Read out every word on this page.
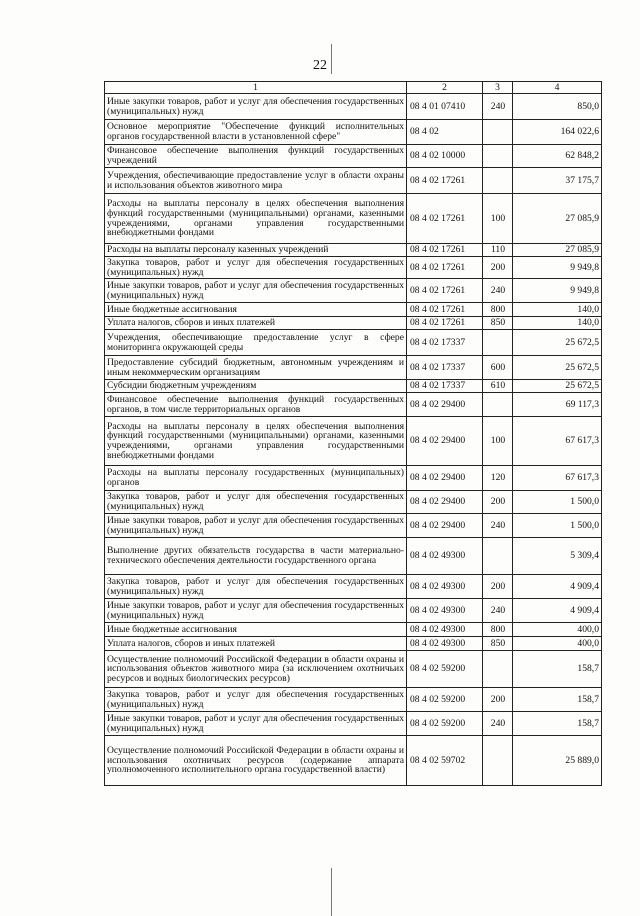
22
1	2	3	4
Иные закупки товаров, работ и услуг для обеспечения государственных (муниципальных) нужд	08 4 01 07410	240	850,0
Основное мероприятие "Обеспечение функций исполнительных органов государственной власти в установленной сфере"	08 4 02		164 022,6
Финансовое обеспечение выполнения функций государственных учреждений	08 4 02 10000		62 848,2
Учреждения, обеспечивающие предоставление услуг в области охраны и использования объектов животного мира	08 4 02 17261		37 175,7
Расходы на выплаты персоналу в целях обеспечения выполнения функций государственными (муниципальными) органами, казенными учреждениями, органами управления государственными внебюджетными фондами	08 4 02 17261	100	27 085,9
Расходы на выплаты персоналу казенных учреждений	08 4 02 17261	110	27 085,9
Закупка товаров, работ и услуг для обеспечения государственных (муниципальных) нужд	08 4 02 17261	200	9 949,8
Иные закупки товаров, работ и услуг для обеспечения государственных (муниципальных) нужд	08 4 02 17261	240	9 949,8
Иные бюджетные ассигнования	08 4 02 17261	800	140,0
Уплата налогов, сборов и иных платежей	08 4 02 17261	850	140,0
Учреждения, обеспечивающие предоставление услуг в сфере мониторинга окружающей среды	08 4 02 17337		25 672,5
Предоставление субсидий бюджетным, автономным учреждениям и иным некоммерческим организациям	08 4 02 17337	600	25 672,5
Субсидии бюджетным учреждениям	08 4 02 17337	610	25 672,5
Финансовое обеспечение выполнения функций государственных органов, в том числе территориальных органов	08 4 02 29400		69 117,3
Расходы на выплаты персоналу в целях обеспечения выполнения функций государственными (муниципальными) органами, казенными учреждениями, органами управления государственными внебюджетными фондами	08 4 02 29400	100	67 617,3
Расходы на выплаты персоналу государственных (муниципальных) органов	08 4 02 29400	120	67 617,3
Закупка товаров, работ и услуг для обеспечения государственных (муниципальных) нужд	08 4 02 29400	200	1 500,0
Иные закупки товаров, работ и услуг для обеспечения государственных (муниципальных) нужд	08 4 02 29400	240	1 500,0
Выполнение других обязательств государства в части материально-технического обеспечения деятельности государственного органа	08 4 02 49300		5 309,4
Закупка товаров, работ и услуг для обеспечения государственных (муниципальных) нужд	08 4 02 49300	200	4 909,4
Иные закупки товаров, работ и услуг для обеспечения государственных (муниципальных) нужд	08 4 02 49300	240	4 909,4
Иные бюджетные ассигнования	08 4 02 49300	800	400,0
Уплата налогов, сборов и иных платежей	08 4 02 49300	850	400,0
Осуществление полномочий Российской Федерации в области охраны и использования объектов животного мира (за исключением охотничьих ресурсов и водных биологических ресурсов)	08 4 02 59200		158,7
Закупка товаров, работ и услуг для обеспечения государственных (муниципальных) нужд	08 4 02 59200	200	158,7
Иные закупки товаров, работ и услуг для обеспечения государственных (муниципальных) нужд	08 4 02 59200	240	158,7
Осуществление полномочий Российской Федерации в области охраны и использования охотничьих ресурсов (содержание аппарата уполномоченного исполнительного органа государственной власти)	08 4 02 59702		25 889,0
